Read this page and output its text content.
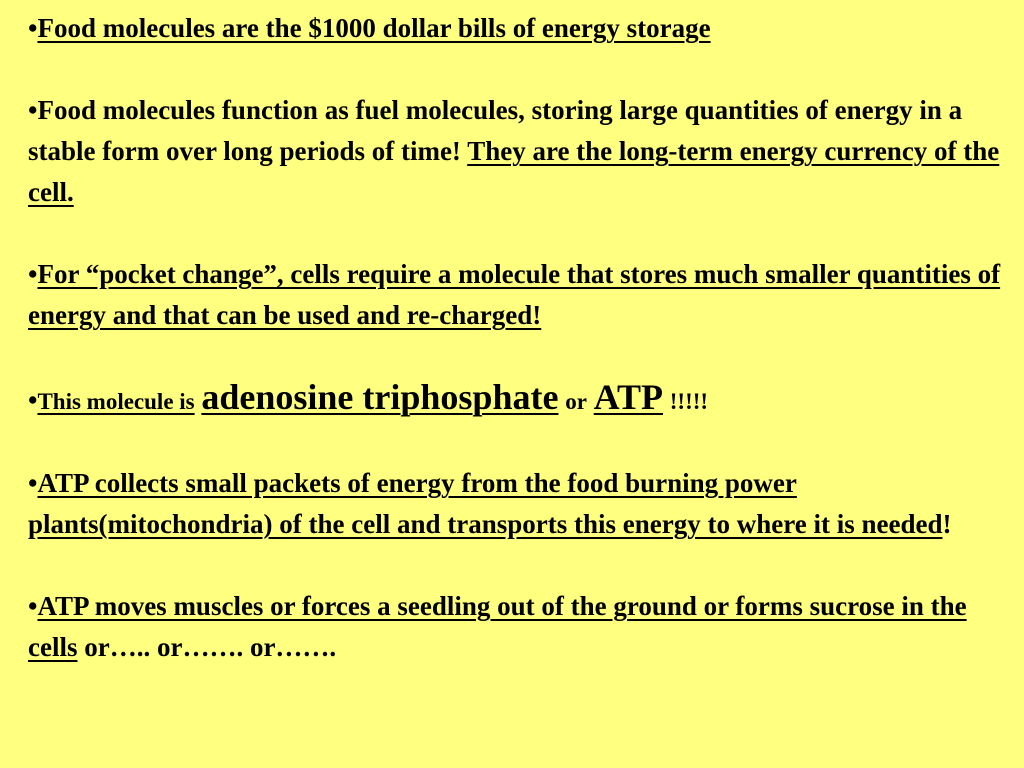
•Food molecules are the $1000 dollar bills of energy storage

•Food molecules function as fuel molecules, storing large quantities of energy in a stable form over long periods of time! They are the long-term energy currency of the cell.

•For “pocket change”, cells require a molecule that stores much smaller quantities of energy and that can be used and re-charged!

•This molecule is adenosine triphosphate or ATP !!!!!

•ATP collects small packets of energy from the food burning power plants(mitochondria) of the cell and transports this energy to where it is needed!

•ATP moves muscles or forces a seedling out of the ground or forms sucrose in the cells or….. or……. or…….
